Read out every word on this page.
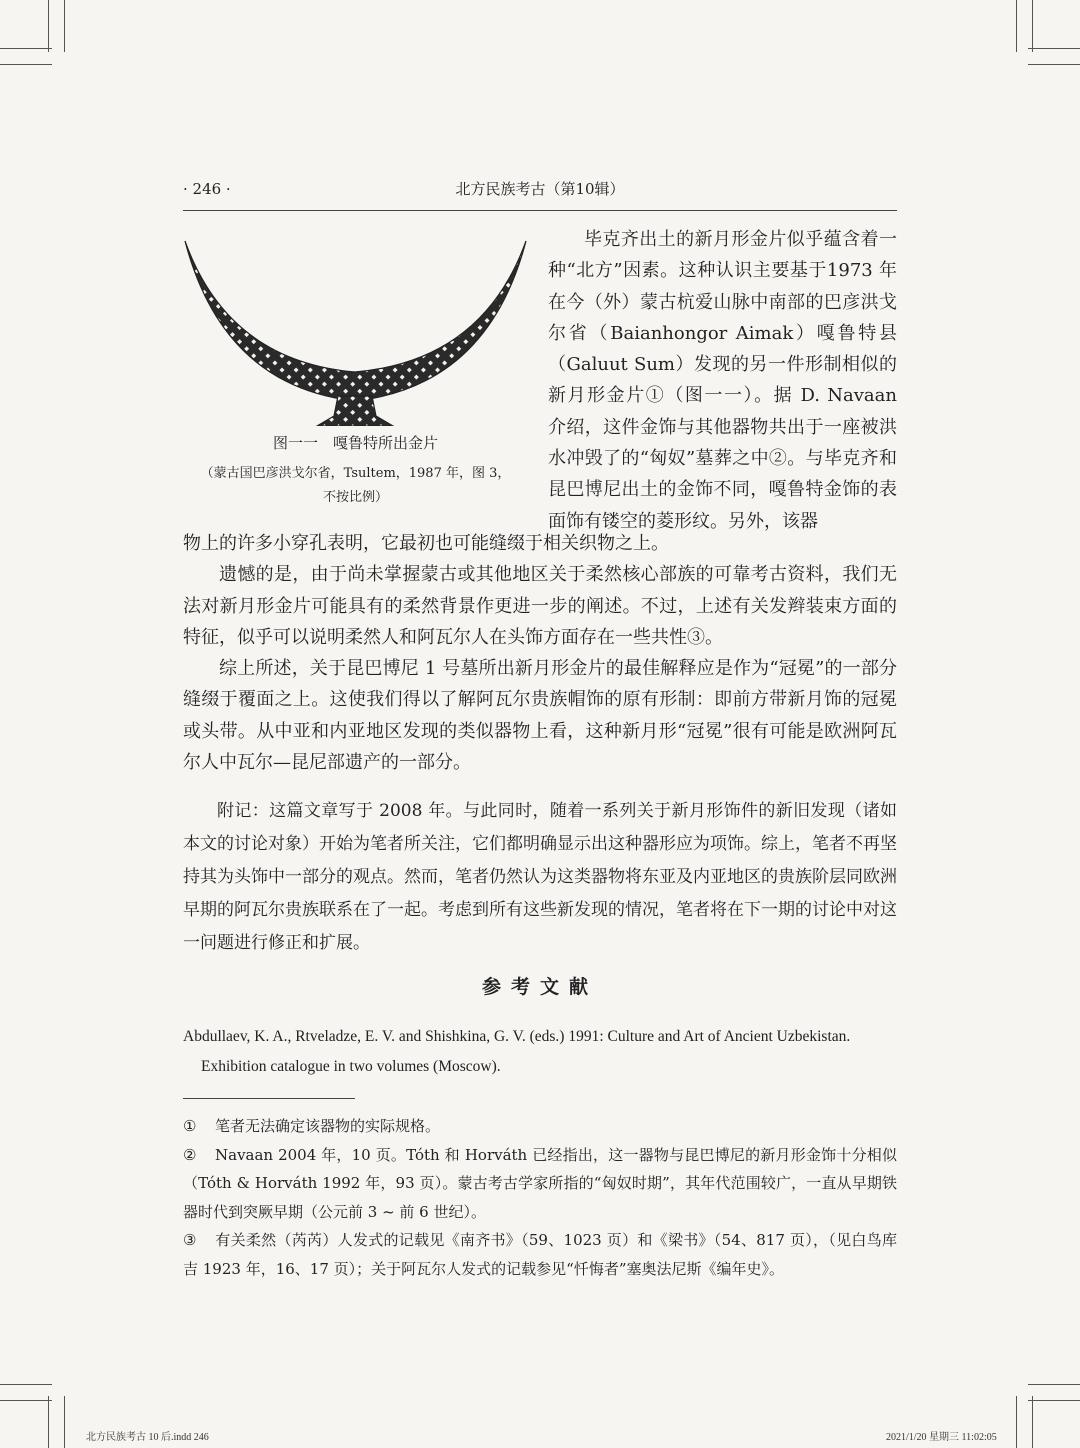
· 246 ·	北方民族考古（第10辑）
图一一　嘎鲁特所出金片
（蒙古国巴彦洪戈尔省，Tsultem，1987 年，图 3，
不按比例）

毕克齐出土的新月形金片似乎蕴含着一种“北方”因素。这种认识主要基于1973 年在今（外）蒙古杭爱山脉中南部的巴彦洪戈尔省（Baianhongor Aimak）嘎鲁特县（Galuut Sum）发现的另一件形制相似的新月形金片①（图一一）。据 D. Navaan 介绍，这件金饰与其他器物共出于一座被洪水冲毁了的“匈奴”墓葬之中②。与毕克齐和昆巴博尼出土的金饰不同，嘎鲁特金饰的表面饰有镂空的菱形纹。另外，该器

物上的许多小穿孔表明，它最初也可能缝缀于相关织物之上。

遗憾的是，由于尚未掌握蒙古或其他地区关于柔然核心部族的可靠考古资料，我们无法对新月形金片可能具有的柔然背景作更进一步的阐述。不过，上述有关发辫装束方面的特征，似乎可以说明柔然人和阿瓦尔人在头饰方面存在一些共性③。

综上所述，关于昆巴博尼 1 号墓所出新月形金片的最佳解释应是作为“冠冕”的一部分缝缀于覆面之上。这使我们得以了解阿瓦尔贵族帽饰的原有形制：即前方带新月饰的冠冕或头带。从中亚和内亚地区发现的类似器物上看，这种新月形“冠冕”很有可能是欧洲阿瓦尔人中瓦尔—昆尼部遗产的一部分。

附记：这篇文章写于 2008 年。与此同时，随着一系列关于新月形饰件的新旧发现（诸如本文的讨论对象）开始为笔者所关注，它们都明确显示出这种器形应为项饰。综上，笔者不再坚持其为头饰中一部分的观点。然而，笔者仍然认为这类器物将东亚及内亚地区的贵族阶层同欧洲早期的阿瓦尔贵族联系在了一起。考虑到所有这些新发现的情况，笔者将在下一期的讨论中对这一问题进行修正和扩展。

参考文献
Abdullaev, K. A., Rtveladze, E. V. and Shishkina, G. V. (eds.) 1991: Culture and Art of Ancient Uzbekistan.
Exhibition catalogue in two volumes (Moscow).

① 笔者无法确定该器物的实际规格。

② Navaan 2004 年，10 页。Tóth 和 Horváth 已经指出，这一器物与昆巴博尼的新月形金饰十分相似（Tóth & Horváth 1992 年，93 页）。蒙古考古学家所指的“匈奴时期”，其年代范围较广，一直从早期铁器时代到突厥早期（公元前 3 ~ 前 6 世纪）。

③ 有关柔然（芮芮）人发式的记载见《南齐书》（59、1023 页）和《梁书》（54、817 页），（见白鸟库吉 1923 年，16、17 页）；关于阿瓦尔人发式的记载参见“忏悔者”塞奥法尼斯《编年史》。

北方民族考古 10 后.indd 246	2021/1/20 星期三 11:02:05
